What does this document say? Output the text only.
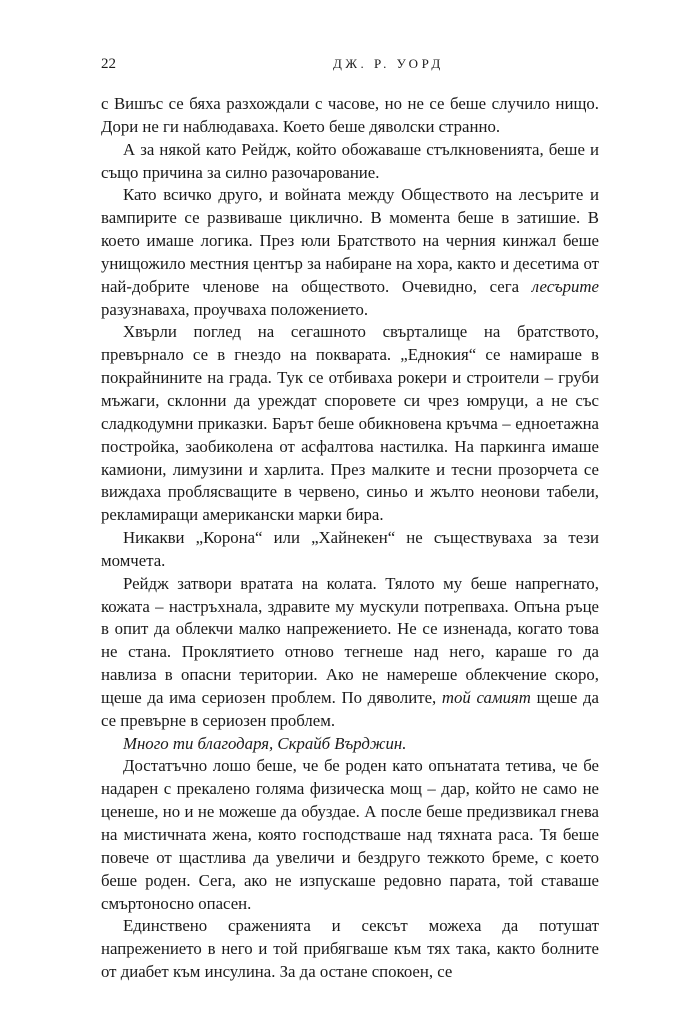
22	ДЖ. Р. УОРД

с Вишъс се бяха разхождали с часове, но не се беше случило нищо. Дори не ги наблюдаваха. Което беше дяволски странно.

А за някой като Рейдж, който обожаваше стълкновенията, беше и също причина за силно разочарование.

Като всичко друго, и войната между Обществото на лесърите и вампирите се развиваше циклично. В момента беше в затишие. В което имаше логика. През юли Братството на черния кинжал беше унищожило местния център за набиране на хора, както и десетима от най-добрите членове на обществото. Очевидно, сега лесърите разузнаваха, проучваха положението.

Хвърли поглед на сегашното свърталище на братството, превърнало се в гнездо на покварата. „Еднокия“ се намираше в покрайнините на града. Тук се отбиваха рокери и строители – груби мъжаги, склонни да уреждат споровете си чрез юмруци, а не със сладкодумни приказки. Барът беше обикновена кръчма – едноетажна постройка, заобиколена от асфалтова настилка. На паркинга имаше камиони, лимузини и харлита. През малките и тесни прозорчета се виждаха проблясващите в червено, синьо и жълто неонови табели, рекламиращи американски марки бира.

Никакви „Корона“ или „Хайнекен“ не съществуваха за тези момчета.

Рейдж затвори вратата на колата. Тялото му беше напрегнато, кожата – настръхнала, здравите му мускули потрепваха. Опъна ръце в опит да облекчи малко напрежението. Не се изненада, когато това не стана. Проклятието отново тегнеше над него, караше го да навлиза в опасни територии. Ако не намереше облекчение скоро, щеше да има сериозен проблем. По дяволите, той самият щеше да се превърне в сериозен проблем.

Много ти благодаря, Скрайб Върджин.

Достатъчно лошо беше, че бе роден като опънатата тетива, че бе надарен с прекалено голяма физическа мощ – дар, който не само не ценеше, но и не можеше да обуздае. А после беше предизвикал гнева на мистичната жена, която господстваше над тяхната раса. Тя беше повече от щастлива да увеличи и бездругo тежкото бреме, с което беше роден. Сега, ако не изпускаше редовно парата, той ставаше смъртоносно опасен.

Единствено сраженията и сексът можеха да потушат напрежението в него и той прибягваше към тях така, както болните от диабет към инсулина. За да остане спокоен, се
